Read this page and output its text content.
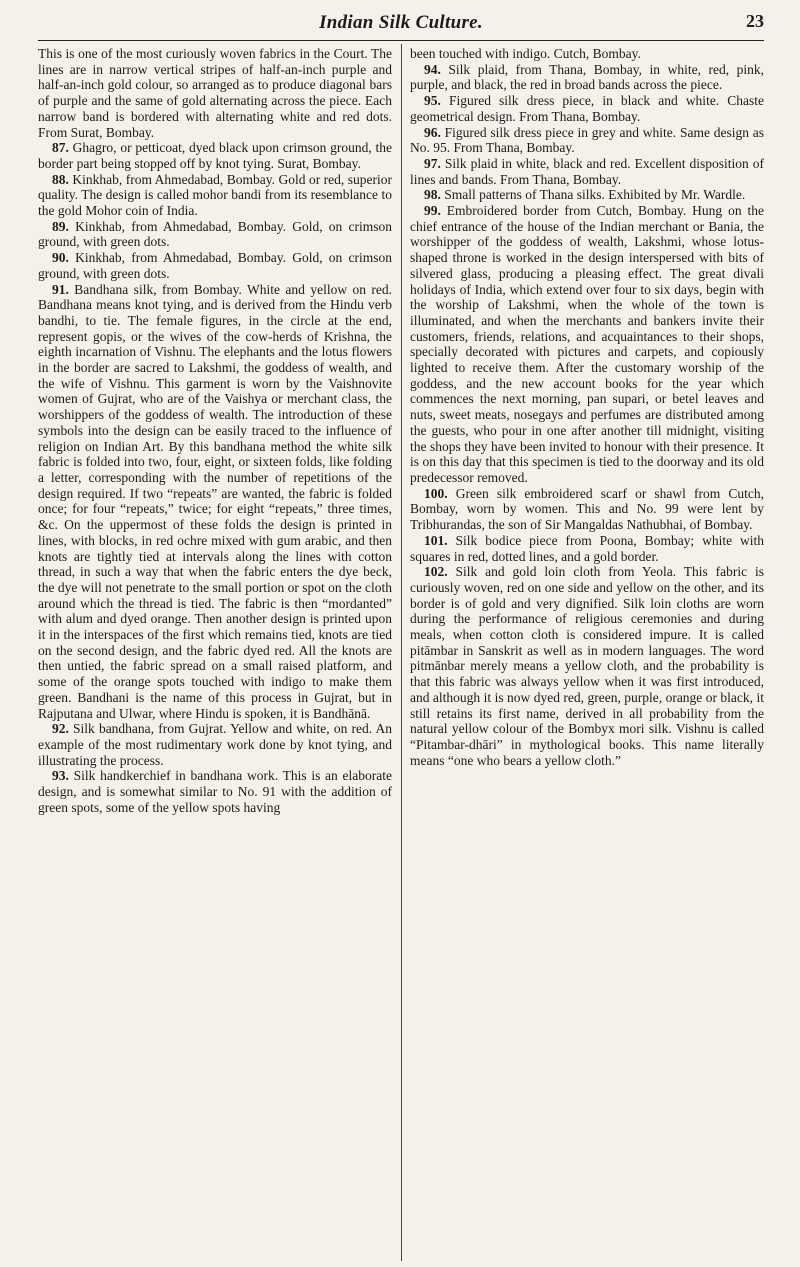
Indian Silk Culture.	23

This is one of the most curiously woven fabrics in the Court. The lines are in narrow vertical stripes of half-an-inch purple and half-an-inch gold colour, so arranged as to produce diagonal bars of purple and the same of gold alternating across the piece. Each narrow band is bordered with alternating white and red dots. From Surat, Bombay.

87. Ghagro, or petticoat, dyed black upon crimson ground, the border part being stopped off by knot tying. Surat, Bombay.

88. Kinkhab, from Ahmedabad, Bombay. Gold or red, superior quality. The design is called mohor bandi from its resemblance to the gold Mohor coin of India.

89. Kinkhab, from Ahmedabad, Bombay. Gold, on crimson ground, with green dots.

90. Kinkhab, from Ahmedabad, Bombay. Gold, on crimson ground, with green dots.

91. Bandhana silk, from Bombay. White and yellow on red. Bandhana means knot tying, and is derived from the Hindu verb bandhi, to tie. The female figures, in the circle at the end, represent gopis, or the wives of the cow-herds of Krishna, the eighth incarnation of Vishnu. The elephants and the lotus flowers in the border are sacred to Lakshmi, the goddess of wealth, and the wife of Vishnu. This garment is worn by the Vaishnovite women of Gujrat, who are of the Vaishya or merchant class, the worshippers of the goddess of wealth. The introduction of these symbols into the design can be easily traced to the influence of religion on Indian Art. By this bandhana method the white silk fabric is folded into two, four, eight, or sixteen folds, like folding a letter, corresponding with the number of repetitions of the design required. If two “repeats” are wanted, the fabric is folded once; for four “repeats,” twice; for eight “repeats,” three times, &c. On the uppermost of these folds the design is printed in lines, with blocks, in red ochre mixed with gum arabic, and then knots are tightly tied at intervals along the lines with cotton thread, in such a way that when the fabric enters the dye beck, the dye will not penetrate to the small portion or spot on the cloth around which the thread is tied. The fabric is then “mordanted” with alum and dyed orange. Then another design is printed upon it in the interspaces of the first which remains tied, knots are tied on the second design, and the fabric dyed red. All the knots are then untied, the fabric spread on a small raised platform, and some of the orange spots touched with indigo to make them green. Bandhani is the name of this process in Gujrat, but in Rajputana and Ulwar, where Hindu is spoken, it is Bandhānā.

92. Silk bandhana, from Gujrat. Yellow and white, on red. An example of the most rudimentary work done by knot tying, and illustrating the process.

93. Silk handkerchief in bandhana work. This is an elaborate design, and is somewhat similar to No. 91 with the addition of green spots, some of the yellow spots having

been touched with indigo. Cutch, Bombay.

94. Silk plaid, from Thana, Bombay, in white, red, pink, purple, and black, the red in broad bands across the piece.

95. Figured silk dress piece, in black and white. Chaste geometrical design. From Thana, Bombay.

96. Figured silk dress piece in grey and white. Same design as No. 95. From Thana, Bombay.

97. Silk plaid in white, black and red. Excellent disposition of lines and bands. From Thana, Bombay.

98. Small patterns of Thana silks. Exhibited by Mr. Wardle.

99. Embroidered border from Cutch, Bombay. Hung on the chief entrance of the house of the Indian merchant or Bania, the worshipper of the goddess of wealth, Lakshmi, whose lotus-shaped throne is worked in the design interspersed with bits of silvered glass, producing a pleasing effect. The great divali holidays of India, which extend over four to six days, begin with the worship of Lakshmi, when the whole of the town is illuminated, and when the merchants and bankers invite their customers, friends, relations, and acquaintances to their shops, specially decorated with pictures and carpets, and copiously lighted to receive them. After the customary worship of the goddess, and the new account books for the year which commences the next morning, pan supari, or betel leaves and nuts, sweet meats, nosegays and perfumes are distributed among the guests, who pour in one after another till midnight, visiting the shops they have been invited to honour with their presence. It is on this day that this specimen is tied to the doorway and its old predecessor removed.

100. Green silk embroidered scarf or shawl from Cutch, Bombay, worn by women. This and No. 99 were lent by Tribhurandas, the son of Sir Mangaldas Nathubhai, of Bombay.

101. Silk bodice piece from Poona, Bombay; white with squares in red, dotted lines, and a gold border.

102. Silk and gold loin cloth from Yeola. This fabric is curiously woven, red on one side and yellow on the other, and its border is of gold and very dignified. Silk loin cloths are worn during the performance of religious ceremonies and during meals, when cotton cloth is considered impure. It is called pitāmbar in Sanskrit as well as in modern languages. The word pitmānbar merely means a yellow cloth, and the probability is that this fabric was always yellow when it was first introduced, and although it is now dyed red, green, purple, orange or black, it still retains its first name, derived in all probability from the natural yellow colour of the Bombyx mori silk. Vishnu is called “Pitambar-dhāri” in mythological books. This name literally means “one who bears a yellow cloth.”
